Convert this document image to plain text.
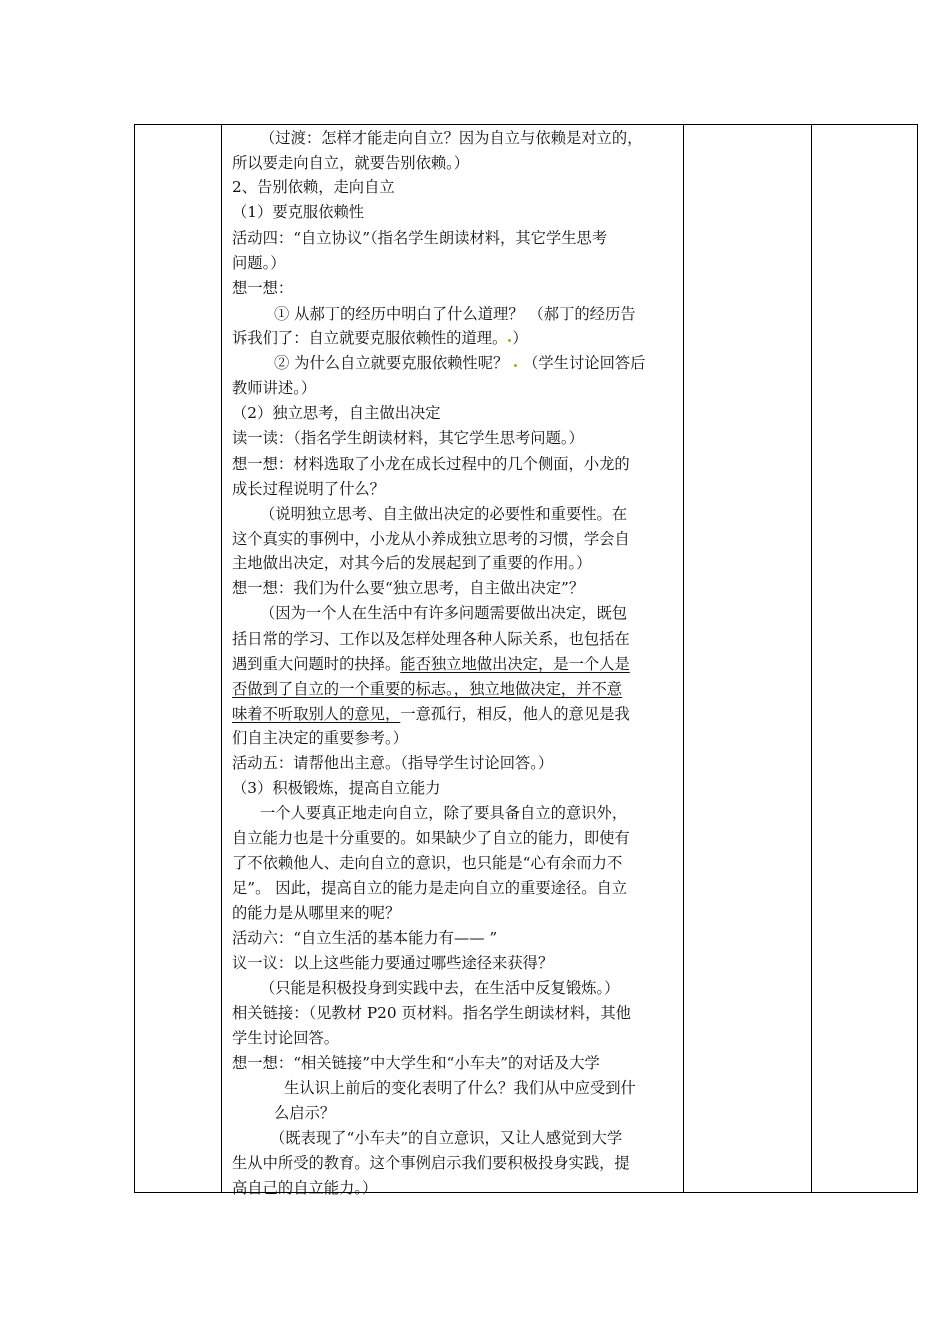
（过渡：怎样才能走向自立？因为自立与依赖是对立的，
所以要走向自立，就要告别依赖。）
2、告别依赖，走向自立
（1）要克服依赖性
活动四：“自立协议”（指名学生朗读材料，其它学生思考
问题。）
想一想：
① 从郝丁的经历中明白了什么道理？ （郝丁的经历告
诉我们了：自立就要克服依赖性的道理。 ）
② 为什么自立就要克服依赖性呢？ （学生讨论回答后
教师讲述。）
（2）独立思考，自主做出决定
读一读：（指名学生朗读材料，其它学生思考问题。）
想一想：材料选取了小龙在成长过程中的几个侧面，小龙的
成长过程说明了什么？
（说明独立思考、自主做出决定的必要性和重要性。在
这个真实的事例中，小龙从小养成独立思考的习惯，学会自
主地做出决定，对其今后的发展起到了重要的作用。）
想一想：我们为什么要“独立思考，自主做出决定”？
（因为一个人在生活中有许多问题需要做出决定，既包
括日常的学习、工作以及怎样处理各种人际关系，也包括在
遇到重大问题时的抉择。能否独立地做出决定，是一个人是
否做到了自立的一个重要的标志。，独立地做决定，并不意
味着不听取别人的意见，一意孤行，相反，他人的意见是我
们自主决定的重要参考。）
活动五：请帮他出主意。（指导学生讨论回答。）
（3）积极锻炼，提高自立能力
一个人要真正地走向自立，除了要具备自立的意识外，
自立能力也是十分重要的。如果缺少了自立的能力，即使有
了不依赖他人、走向自立的意识，也只能是“心有余而力不
足”。 因此，提高自立的能力是走向自立的重要途径。自立
的能力是从哪里来的呢？
活动六：“自立生活的基本能力有—— ”
议一议：以上这些能力要通过哪些途径来获得？
（只能是积极投身到实践中去，在生活中反复锻炼。）
相关链接：（见教材 P20 页材料。指名学生朗读材料，其他
学生讨论回答。
想一想：“相关链接”中大学生和“小车夫”的对话及大学
生认识上前后的变化表明了什么？我们从中应受到什
么启示？
（既表现了“小车夫”的自立意识，又让人感觉到大学
生从中所受的教育。这个事例启示我们要积极投身实践，提
高自己的自立能力。）
